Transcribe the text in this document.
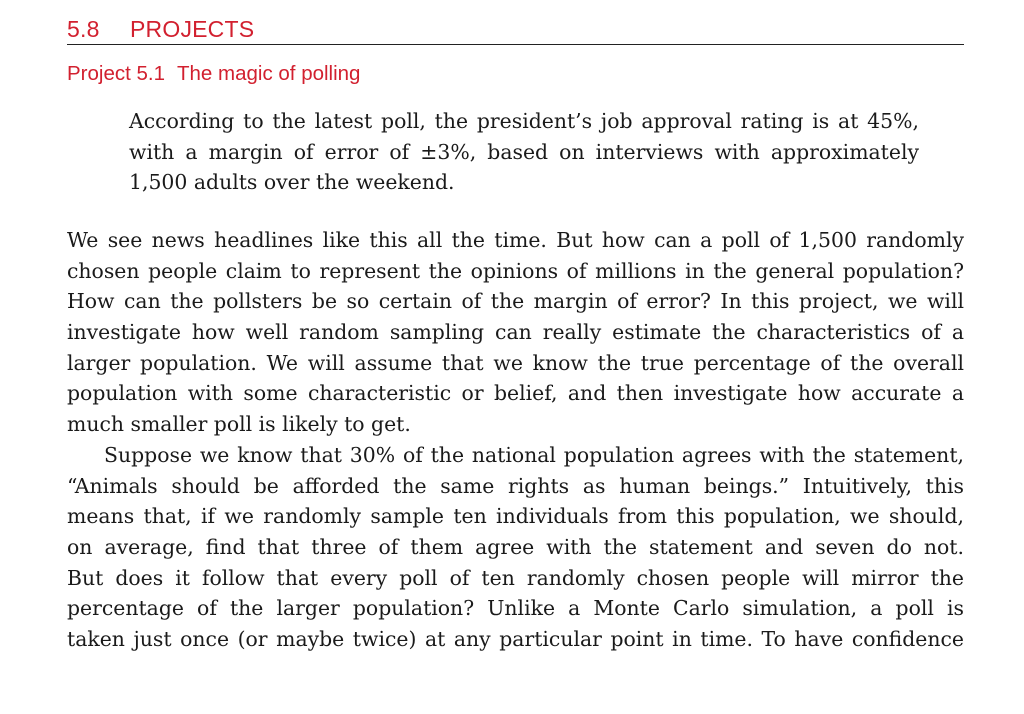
5.8 PROJECTS
Project 5.1 The magic of polling
According to the latest poll, the president’s job approval rating is at 45%,
with a margin of error of ±3%, based on interviews with approximately
1,500 adults over the weekend.
We see news headlines like this all the time. But how can a poll of 1,500 randomly
chosen people claim to represent the opinions of millions in the general population?
How can the pollsters be so certain of the margin of error? In this project, we will
investigate how well random sampling can really estimate the characteristics of a
larger population. We will assume that we know the true percentage of the overall
population with some characteristic or belief, and then investigate how accurate a
much smaller poll is likely to get.
Suppose we know that 30% of the national population agrees with the statement,
“Animals should be afforded the same rights as human beings.” Intuitively, this
means that, if we randomly sample ten individuals from this population, we should,
on average, find that three of them agree with the statement and seven do not.
But does it follow that every poll of ten randomly chosen people will mirror the
percentage of the larger population? Unlike a Monte Carlo simulation, a poll is
taken just once (or maybe twice) at any particular point in time. To have confidence
